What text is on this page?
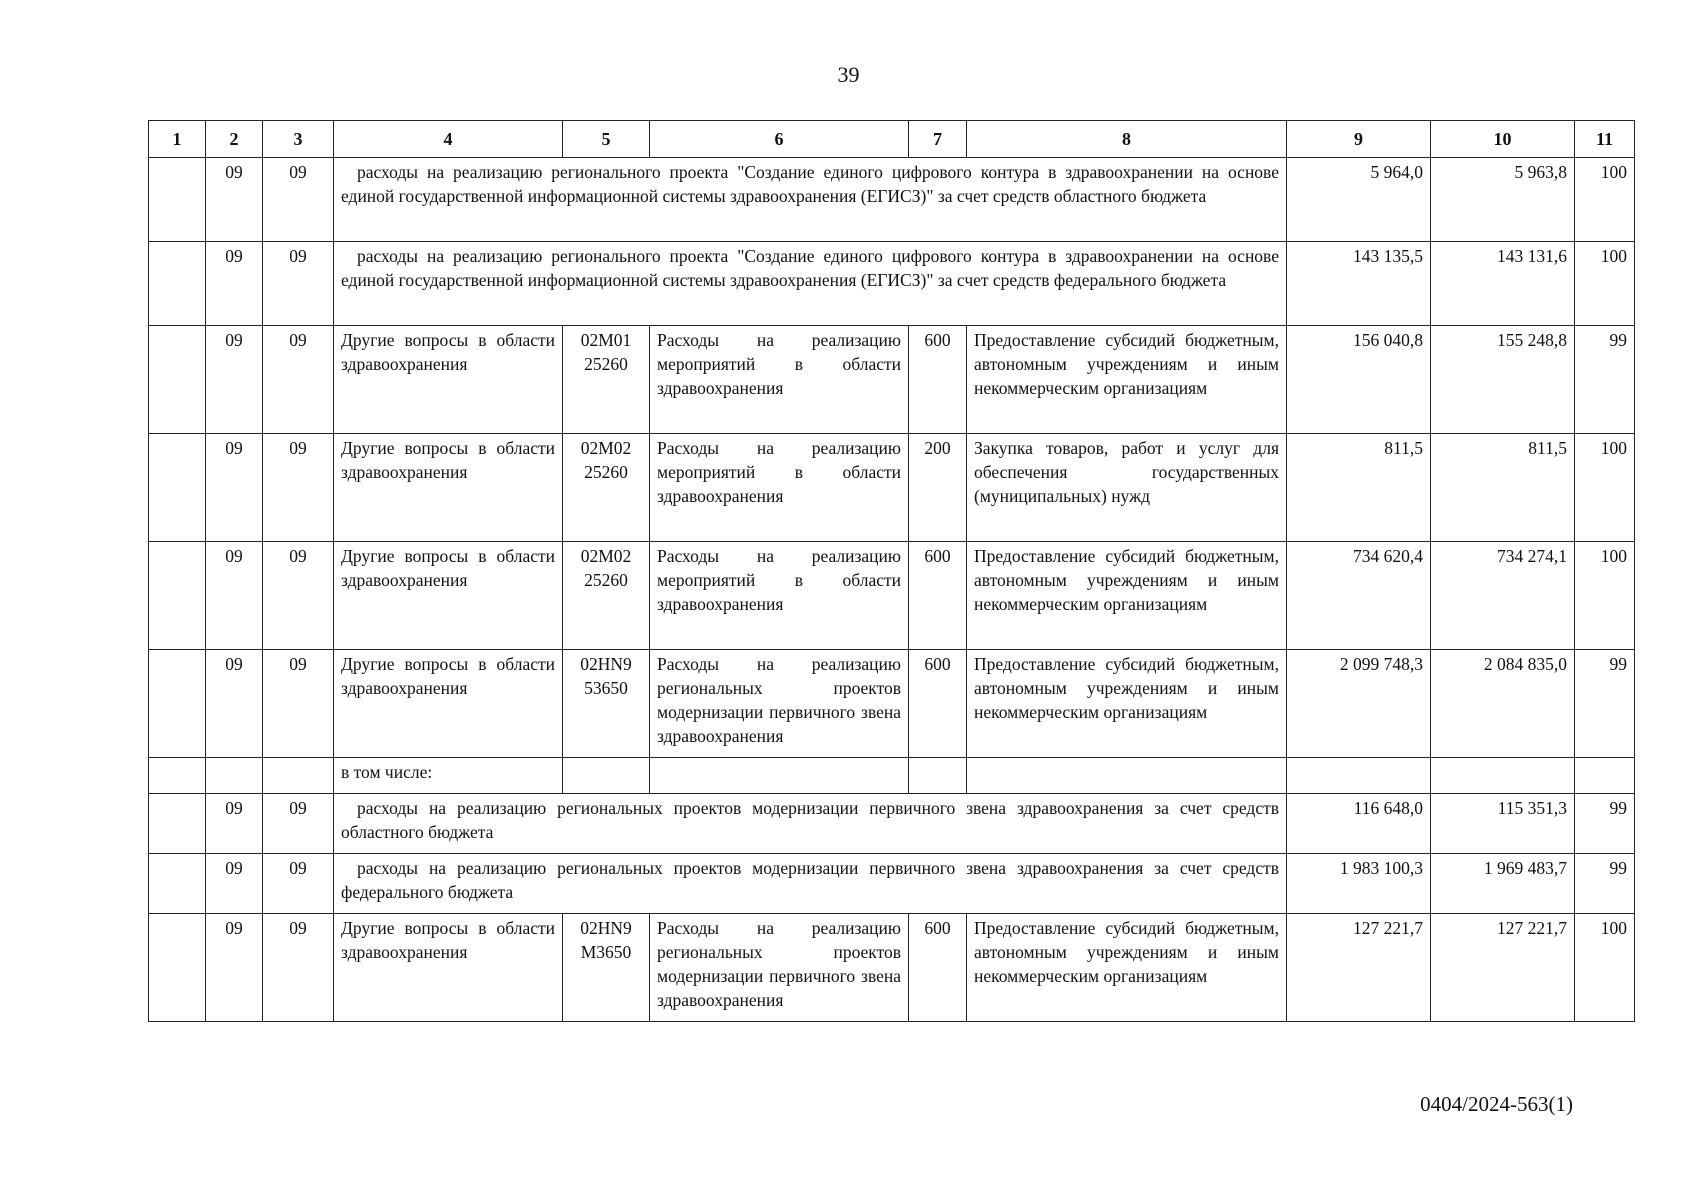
39
1	2	3	4	5	6	7	8	9	10	11
	09	09	расходы на реализацию регионального проекта "Создание единого цифрового контура в здравоохранении на основе единой государственной информационной системы здравоохранения (ЕГИСЗ)" за счет средств областного бюджета					5 964,0	5 963,8	100
	09	09	расходы на реализацию регионального проекта "Создание единого цифрового контура в здравоохранении на основе единой государственной информационной системы здравоохранения (ЕГИСЗ)" за счет средств федерального бюджета					143 135,5	143 131,6	100
	09	09	Другие вопросы в области здравоохранения	02М01 25260	Расходы на реализацию мероприятий в области здравоохранения	600	Предоставление субсидий бюджетным, автономным учреждениям и иным некоммерческим организациям	156 040,8	155 248,8	99
	09	09	Другие вопросы в области здравоохранения	02М02 25260	Расходы на реализацию мероприятий в области здравоохранения	200	Закупка товаров, работ и услуг для обеспечения государственных (муниципальных) нужд	811,5	811,5	100
	09	09	Другие вопросы в области здравоохранения	02М02 25260	Расходы на реализацию мероприятий в области здравоохранения	600	Предоставление субсидий бюджетным, автономным учреждениям и иным некоммерческим организациям	734 620,4	734 274,1	100
	09	09	Другие вопросы в области здравоохранения	02HN9 53650	Расходы на реализацию региональных проектов модернизации первичного звена здравоохранения	600	Предоставление субсидий бюджетным, автономным учреждениям и иным некоммерческим организациям	2 099 748,3	2 084 835,0	99
			в том числе:							
	09	09	расходы на реализацию региональных проектов модернизации первичного звена здравоохранения за счет средств областного бюджета					116 648,0	115 351,3	99
	09	09	расходы на реализацию региональных проектов модернизации первичного звена здравоохранения за счет средств федерального бюджета					1 983 100,3	1 969 483,7	99
	09	09	Другие вопросы в области здравоохранения	02HN9 M3650	Расходы на реализацию региональных проектов модернизации первичного звена здравоохранения	600	Предоставление субсидий бюджетным, автономным учреждениям и иным некоммерческим организациям	127 221,7	127 221,7	100
0404/2024-563(1)
